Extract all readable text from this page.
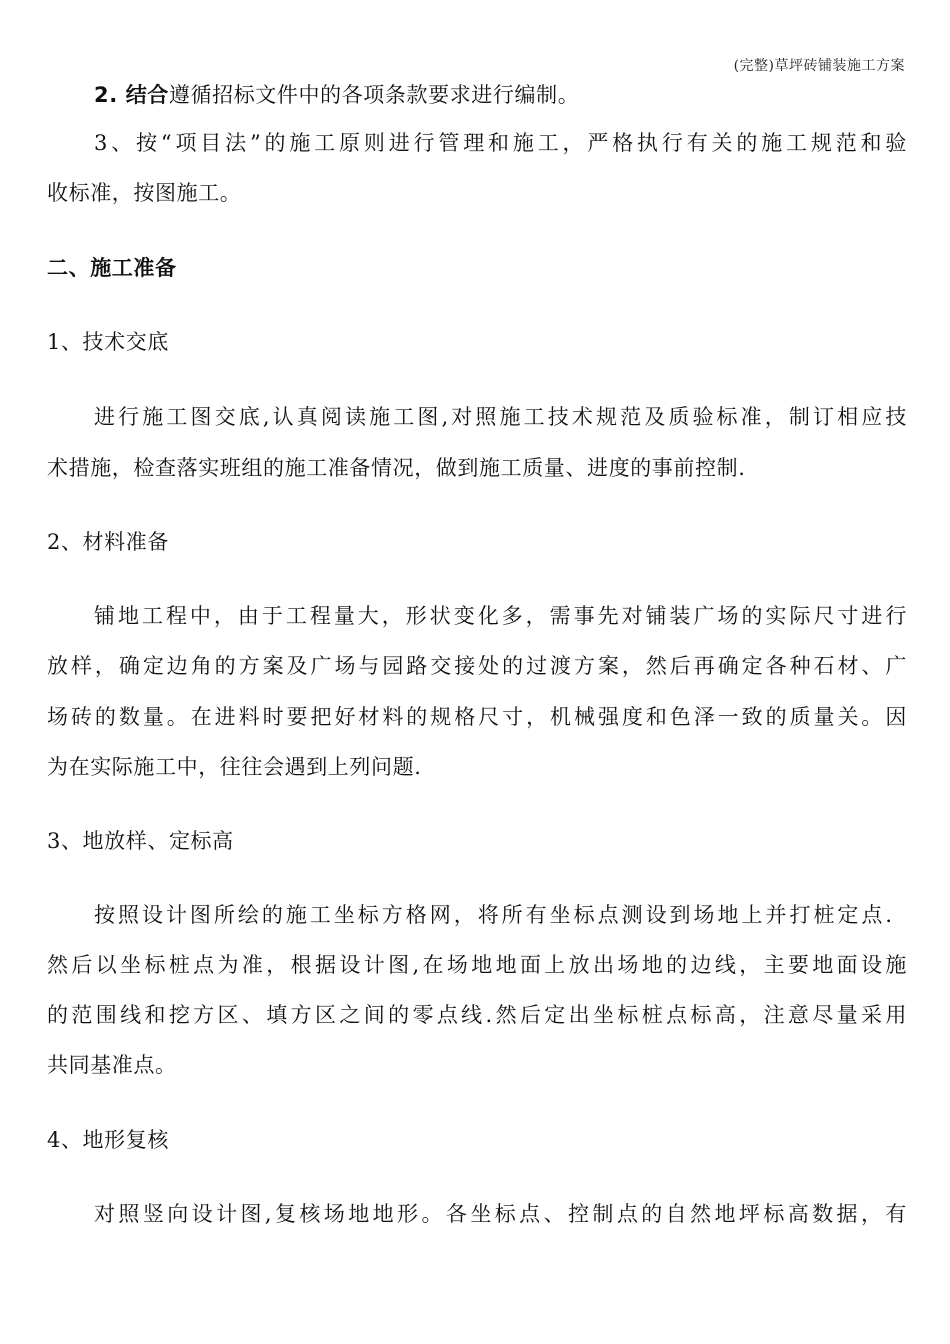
(完整)草坪砖铺装施工方案
2. 结合遵循招标文件中的各项条款要求进行编制。
3、按“项目法”的施工原则进行管理和施工，严格执行有关的施工规范和验
收标准，按图施工。
二、施工准备
1、技术交底
进行施工图交底,认真阅读施工图,对照施工技术规范及质验标准，制订相应技
术措施，检查落实班组的施工准备情况，做到施工质量、进度的事前控制.
2、材料准备
铺地工程中，由于工程量大，形状变化多，需事先对铺装广场的实际尺寸进行
放样，确定边角的方案及广场与园路交接处的过渡方案，然后再确定各种石材、广
场砖的数量。在进料时要把好材料的规格尺寸，机械强度和色泽一致的质量关。因
为在实际施工中，往往会遇到上列问题.
3、地放样、定标高
按照设计图所绘的施工坐标方格网，将所有坐标点测设到场地上并打桩定点．
然后以坐标桩点为准，根据设计图,在场地地面上放出场地的边线，主要地面设施
的范围线和挖方区、填方区之间的零点线.然后定出坐标桩点标高，注意尽量采用
共同基准点。
4、地形复核
对照竖向设计图,复核场地地形。各坐标点、控制点的自然地坪标高数据，有
